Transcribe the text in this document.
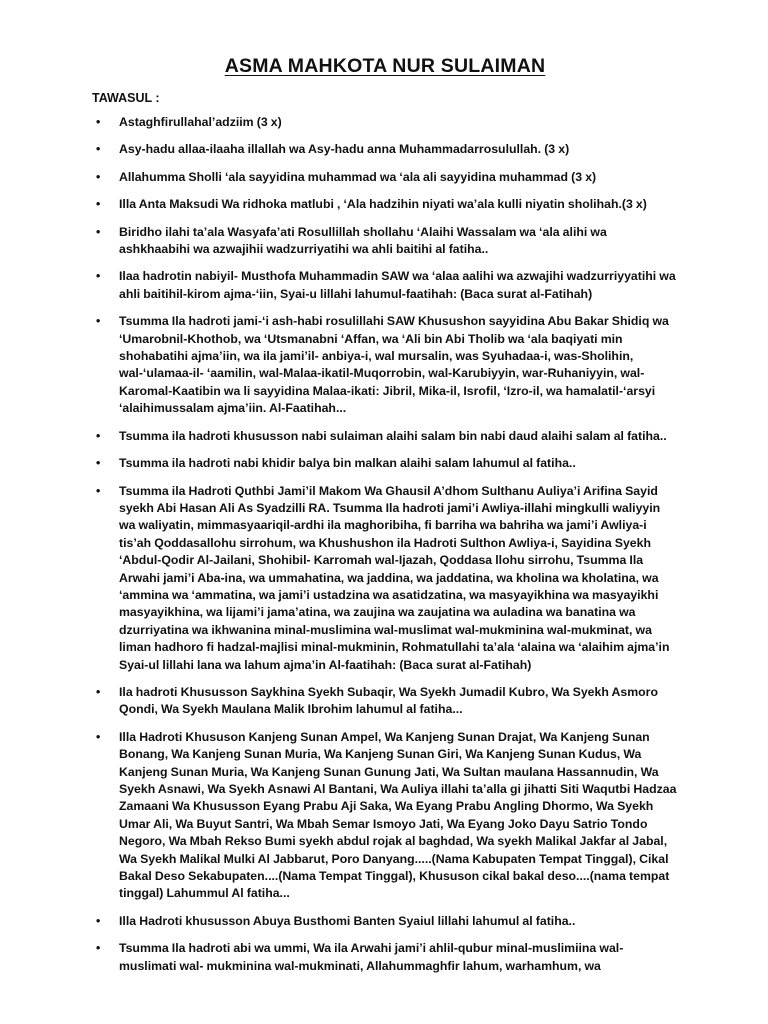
ASMA MAHKOTA NUR SULAIMAN
TAWASUL :
• Astaghfirullahal’adziim (3 x)
• Asy-hadu allaa-ilaaha illallah wa Asy-hadu anna Muhammadarrosulullah. (3 x)
• Allahumma Sholli ‘ala sayyidina muhammad wa ‘ala ali sayyidina muhammad (3 x)
• Illa Anta Maksudi Wa ridhoka matlubi , ‘Ala hadzihin niyati wa’ala kulli niyatin sholihah.(3 x)
• Biridho ilahi ta’ala Wasyafa’ati Rosullillah shollahu ‘Alaihi Wassalam wa ‘ala alihi wa ashkhaabihi wa azwajihii wadzurriyatihi wa ahli baitihi al fatiha..
• Ilaa hadrotin nabiyil- Musthofa Muhammadin SAW wa ‘alaa aalihi wa azwajihi wadzurriyyatihi wa ahli baitihil-kirom ajma-‘iin, Syai-u lillahi lahumul-faatihah: (Baca surat al-Fatihah)
• Tsumma Ila hadroti jami-‘i ash-habi rosulillahi SAW Khusushon sayyidina Abu Bakar Shidiq wa ‘Umarobnil-Khothob, wa ‘Utsmanabni ‘Affan, wa ‘Ali bin Abi Tholib wa ‘ala baqiyati min shohabatihi ajma’iin, wa ila jami’il- anbiya-i, wal mursalin, was Syuhadaa-i, was-Sholihin, wal-‘ulamaa-il- ‘aamilin, wal-Malaa-ikatil-Muqorrobin, wal-Karubiyyin, war-Ruhaniyyin, wal-Karomal-Kaatibin wa li sayyidina Malaa-ikati: Jibril, Mika-il, Isrofil, ‘Izro-il, wa hamalatil-‘arsyi ‘alaihimussalam ajma’iin. Al-Faatihah...
• Tsumma ila hadroti khususson nabi sulaiman alaihi salam bin nabi daud alaihi salam al fatiha..
• Tsumma ila hadroti nabi khidir balya bin malkan alaihi salam lahumul al fatiha..
• Tsumma ila Hadroti Quthbi Jami’il Makom Wa Ghausil A’dhom Sulthanu Auliya’i Arifina Sayid syekh Abi Hasan Ali As Syadzilli RA. Tsumma Ila hadroti jami’i Awliya-illahi mingkulli waliyyin wa waliyatin, mimmasyaariqil-ardhi ila maghoribiha, fi barriha wa bahriha wa jami’i Awliya-i tis’ah Qoddasallohu sirrohum, wa Khushushon ila Hadroti Sulthon Awliya-i, Sayidina Syekh ‘Abdul-Qodir Al-Jailani, Shohibil- Karromah wal-Ijazah, Qoddasa llohu sirrohu, Tsumma Ila Arwahi jami’i Aba-ina, wa ummahatina, wa jaddina, wa jaddatina, wa kholina wa kholatina, wa ‘ammina wa ‘ammatina, wa jami’i ustadzina wa asatidzatina, wa masyayikhina wa masyayikhi masyayikhina, wa lijami’i jama’atina, wa zaujina wa zaujatina wa auladina wa banatina wa dzurriyatina wa ikhwanina minal-muslimina wal-muslimat wal-mukminina wal-mukminat, wa liman hadhoro fi hadzal-majlisi minal-mukminin, Rohmatullahi ta’ala ‘alaina wa ‘alaihim ajma’in Syai-ul lillahi lana wa lahum ajma’in Al-faatihah: (Baca surat al-Fatihah)
• Ila hadroti Khususson Saykhina Syekh Subaqir, Wa Syekh Jumadil Kubro, Wa Syekh Asmoro Qondi, Wa Syekh Maulana Malik Ibrohim lahumul al fatiha...
• Illa Hadroti Khususon Kanjeng Sunan Ampel, Wa Kanjeng Sunan Drajat, Wa Kanjeng Sunan Bonang, Wa Kanjeng Sunan Muria, Wa Kanjeng Sunan Giri, Wa Kanjeng Sunan Kudus, Wa Kanjeng Sunan Muria, Wa Kanjeng Sunan Gunung Jati, Wa Sultan maulana Hassannudin, Wa Syekh Asnawi, Wa Syekh Asnawi Al Bantani, Wa Auliya illahi ta’alla gi jihatti Siti Waqutbi Hadzaa Zamaani Wa Khususson Eyang Prabu Aji Saka, Wa Eyang Prabu Angling Dhormo, Wa Syekh Umar Ali, Wa Buyut Santri, Wa Mbah Semar Ismoyo Jati, Wa Eyang Joko Dayu Satrio Tondo Negoro, Wa Mbah Rekso Bumi syekh abdul rojak al baghdad, Wa syekh Malikal Jakfar al Jabal, Wa Syekh Malikal Mulki Al Jabbarut, Poro Danyang.....(Nama Kabupaten Tempat Tinggal), Cikal Bakal Deso Sekabupaten....(Nama Tempat Tinggal), Khususon cikal bakal deso....(nama tempat tinggal) Lahummul Al fatiha...
• Illa Hadroti khususson Abuya Busthomi Banten Syaiul lillahi lahumul al fatiha..
• Tsumma Ila hadroti abi wa ummi, Wa ila Arwahi jami’i ahlil-qubur minal-muslimiina wal-muslimati wal- mukminina wal-mukminati, Allahummaghfir lahum, warhamhum, wa
